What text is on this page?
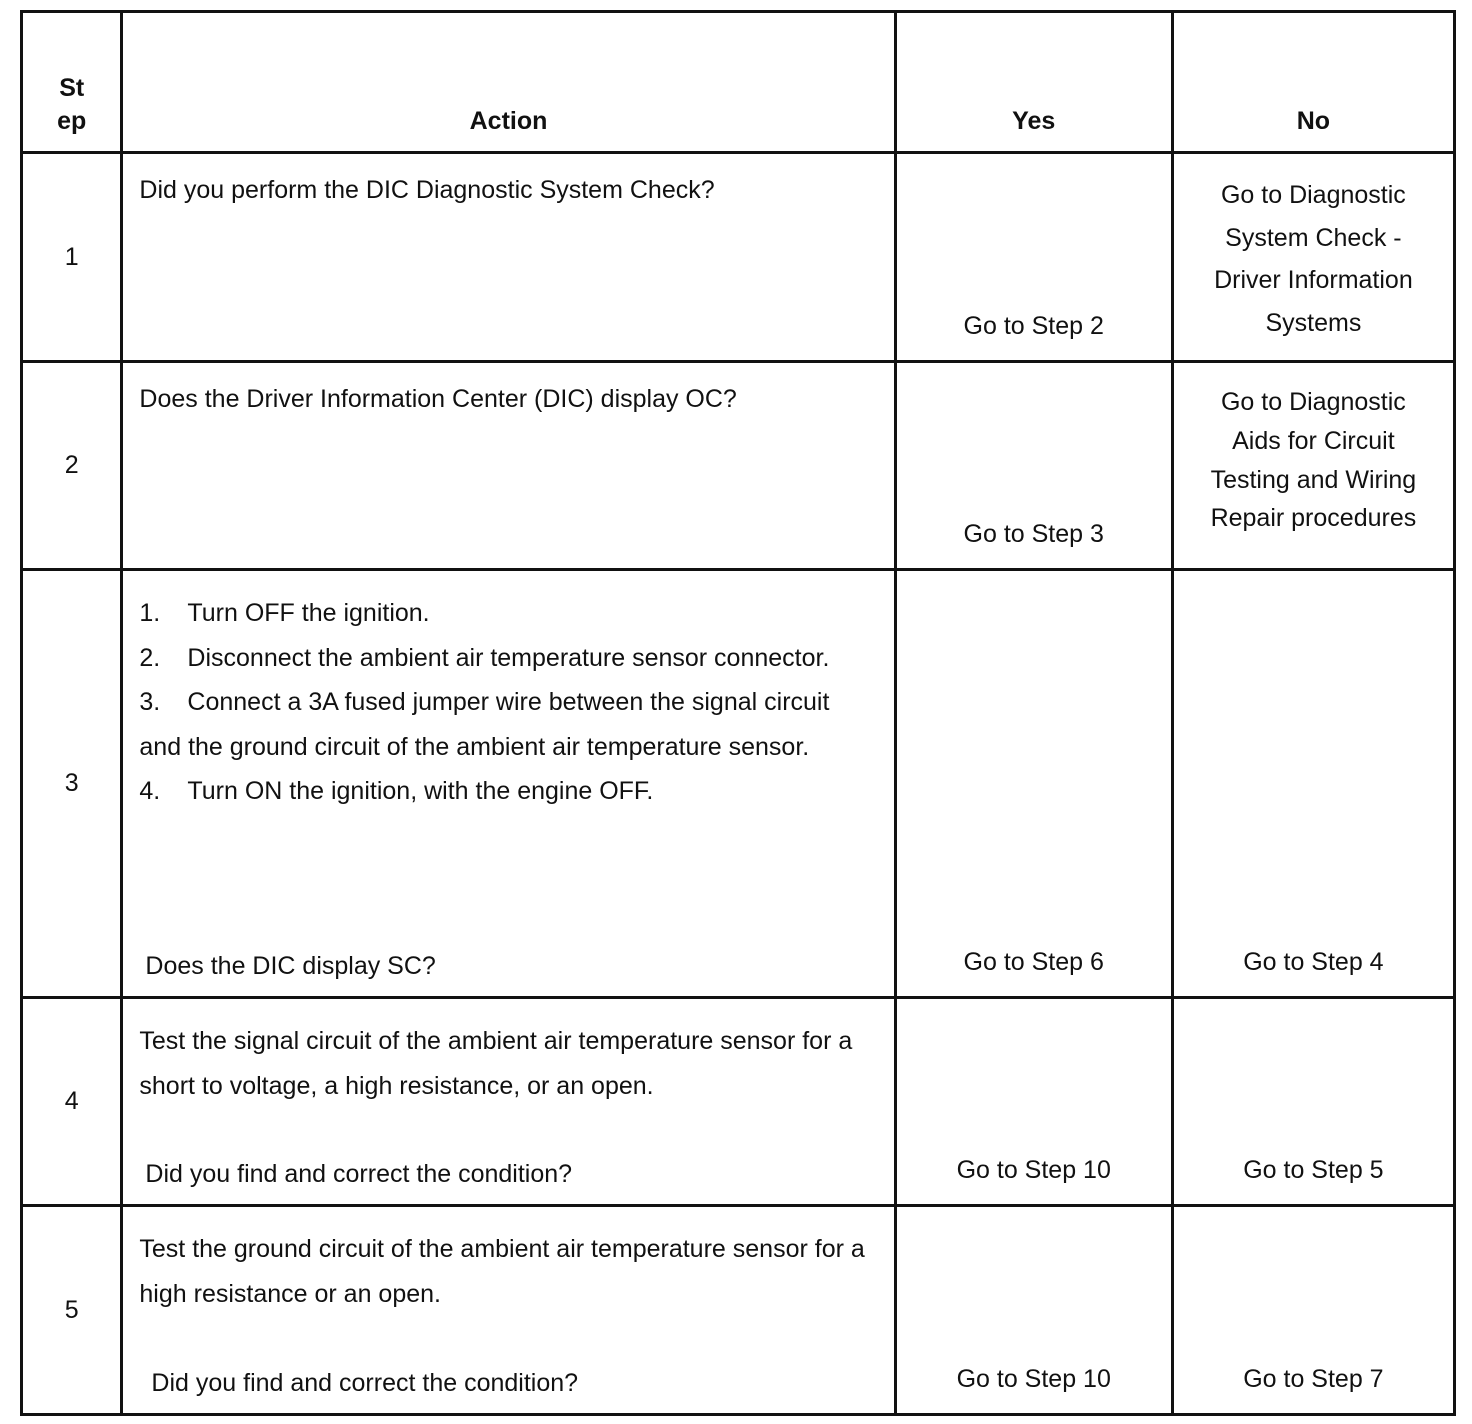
St
ep	Action	Yes	No
1	Did you perform the DIC Diagnostic System Check?	Go to Step 2	Go to Diagnostic
System Check -
Driver Information
Systems

2	Does the Driver Information Center (DIC) display OC?	Go to Step 3	Go to Diagnostic
Aids for Circuit
Testing and Wiring
Repair procedures

3	1. Turn OFF the ignition.
2. Disconnect the ambient air temperature sensor connector.
3. Connect a 3A fused jumper wire between the signal circuit and the ground circuit of the ambient air temperature sensor.
4. Turn ON the ignition, with the engine OFF.
Does the DIC display SC?	Go to Step 6	Go to Step 4
4	Test the signal circuit of the ambient air temperature sensor for a short to voltage, a high resistance, or an open.
Did you find and correct the condition?	Go to Step 10	Go to Step 5
5	Test the ground circuit of the ambient air temperature sensor for a high resistance or an open.
Did you find and correct the condition?	Go to Step 10	Go to Step 7
